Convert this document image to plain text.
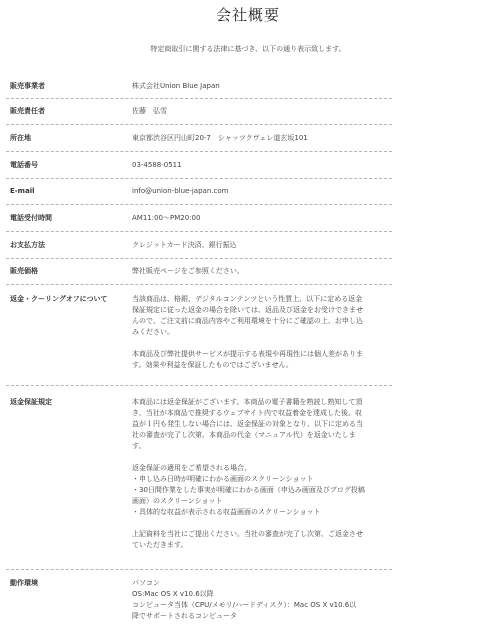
会社概要
特定商取引に関する法律に基づき、以下の通り表示致します。
販売事業者	株式会社Union Blue Japan

販売責任者	佐藤　弘雪

所在地	東京都渋谷区円山町20-7　シャッツクヴェレ道玄坂101

電話番号	03-4588-0511

E-mail	info@union-blue-japan.com

電話受付時間	AM11:00～PM20:00

お支払方法	クレジットカード決済、銀行振込

販売価格	弊社販売ページをご参照ください。

返金・クーリングオフについて	当該商品は、格銀、デジタルコンテンツという性質上、以下に定める返金

保証規定に従った返金の場合を除いては、返品及び返金をお受けできませ

んので、ご注文前に商品内容やご利用環境を十分にご確認の上、お申し込

みください。

本商品及び弊社提供サービスが提示する表現や再現性には個人差がありま

す。効果や利益を保証したものではございません。

返金保証規定	本商品には返金保証がございます。本商品の電子書籍を熟読し熟知して頂

き、当社が本商品で推奨するウェブサイト内で収益着金を達成した後、収

益が１円も発生しない場合には、返金保証の対象となり、以下に定める当

社の審査が完了し次第、本商品の代金（マニュアル代）を返金いたしま

す。

返金保証の適用をご希望される場合、

・申し込み日時が明確にわかる画面のスクリーンショット

・30日間作業をした事実が明確にわかる画面（申込み画面及びブログ投稿

画面）のスクリーンショット

・具体的な収益が表示される収益画面のスクリーンショット

上記資料を当社にご提出ください。当社の審査が完了し次第、ご返金させ

ていただきます。

動作環境	パソコン

OS:Mac OS X v10.6以降

コンピュータ当体（CPU/メモリ/ハードディスク）：Mac OS X v10.6以

降でサポートされるコンピュータ
